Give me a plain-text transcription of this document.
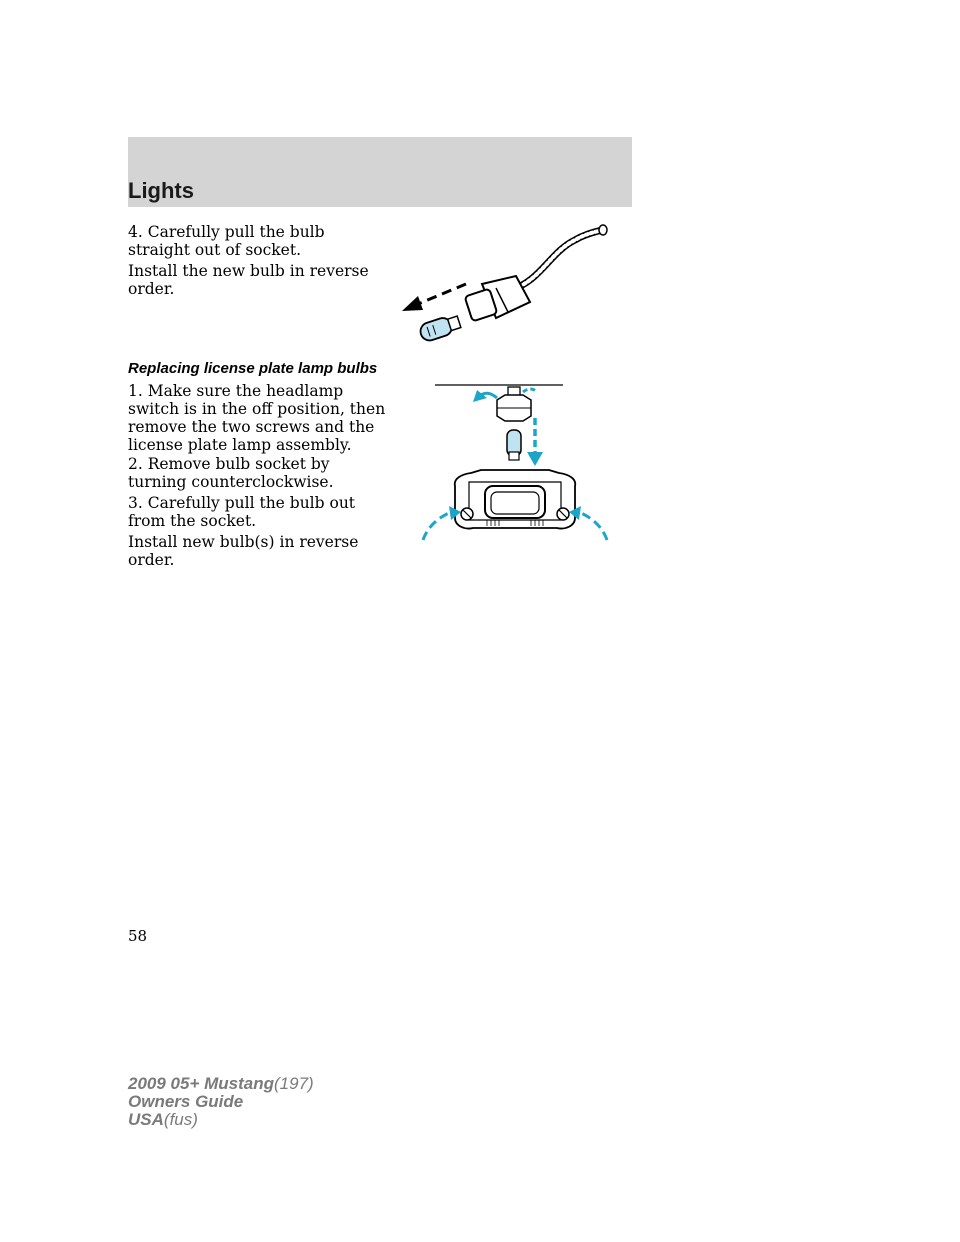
Lights

4. Carefully pull the bulb straight out of socket.

Install the new bulb in reverse order.

Replacing license plate lamp bulbs

1. Make sure the headlamp switch is in the off position, then remove the two screws and the license plate lamp assembly.

2. Remove bulb socket by turning counterclockwise.

3. Carefully pull the bulb out from the socket.

Install new bulb(s) in reverse order.

58

2009 05+ Mustang(197)
Owners Guide
USA(fus)
